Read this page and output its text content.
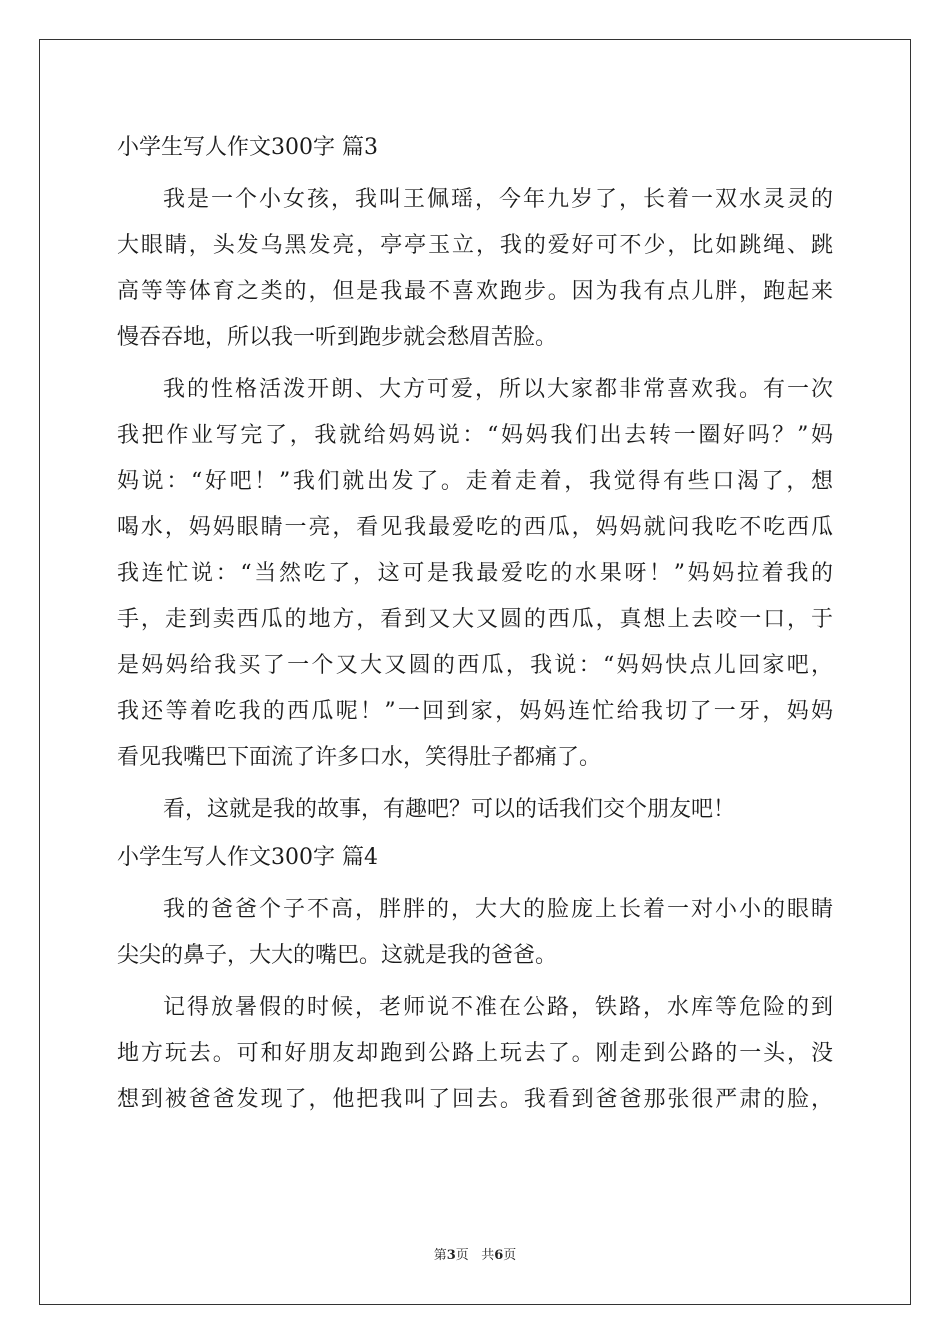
小学生写人作文300字 篇3
我是一个小女孩，我叫王佩瑶，今年九岁了，长着一双水灵灵的
大眼睛，头发乌黑发亮，亭亭玉立，我的爱好可不少，比如跳绳、跳
高等等体育之类的，但是我最不喜欢跑步。因为我有点儿胖，跑起来
慢吞吞地，所以我一听到跑步就会愁眉苦脸。
我的性格活泼开朗、大方可爱，所以大家都非常喜欢我。有一次
我把作业写完了，我就给妈妈说：“妈妈我们出去转一圈好吗？”妈
妈说：“好吧！”我们就出发了。走着走着，我觉得有些口渴了，想
喝水，妈妈眼睛一亮，看见我最爱吃的西瓜，妈妈就问我吃不吃西瓜
我连忙说：“当然吃了，这可是我最爱吃的水果呀！”妈妈拉着我的
手，走到卖西瓜的地方，看到又大又圆的西瓜，真想上去咬一口，于
是妈妈给我买了一个又大又圆的西瓜，我说：“妈妈快点儿回家吧，
我还等着吃我的西瓜呢！”一回到家，妈妈连忙给我切了一牙，妈妈
看见我嘴巴下面流了许多口水，笑得肚子都痛了。
看，这就是我的故事，有趣吧？可以的话我们交个朋友吧！
小学生写人作文300字 篇4
我的爸爸个子不高，胖胖的，大大的脸庞上长着一对小小的眼睛
尖尖的鼻子，大大的嘴巴。这就是我的爸爸。
记得放暑假的时候，老师说不准在公路，铁路，水库等危险的到
地方玩去。可和好朋友却跑到公路上玩去了。刚走到公路的一头，没
想到被爸爸发现了，他把我叫了回去。我看到爸爸那张很严肃的脸，
第3页 共6页
